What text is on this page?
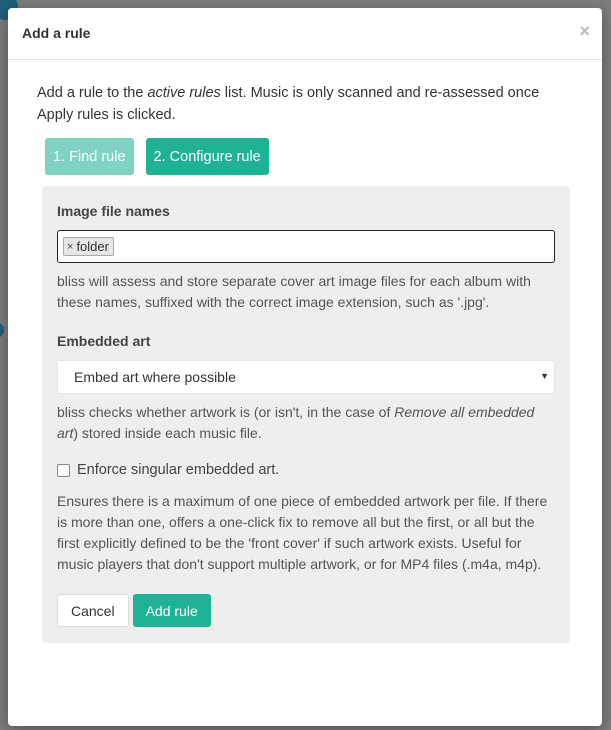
Add a rule	×

Add a rule to the active rules list. Music is only scanned and re-assessed once Apply rules is clicked.

1. Find rule	2. Configure rule
Image file names
× folder
bliss will assess and store separate cover art image files for each album with these names, suffixed with the correct image extension, such as '.jpg'.
Embedded art
Embed art where possible	▼
bliss checks whether artwork is (or isn't, in the case of Remove all embedded art) stored inside each music file.
Enforce singular embedded art.
Ensures there is a maximum of one piece of embedded artwork per file. If there is more than one, offers a one-click fix to remove all but the first, or all but the first explicitly defined to be the 'front cover' if such artwork exists. Useful for music players that don't support multiple artwork, or for MP4 files (.m4a, m4p).
Cancel	Add rule
